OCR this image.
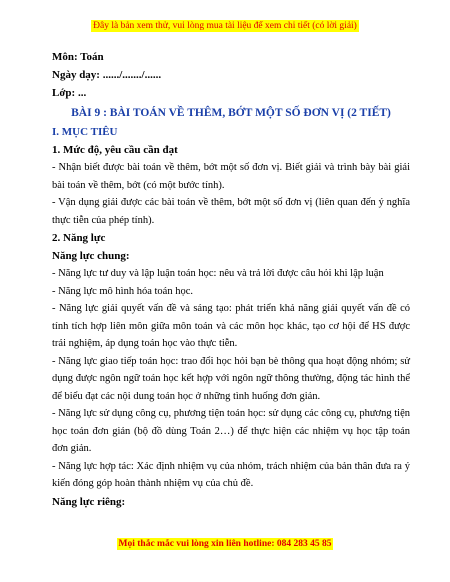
Đây là bản xem thử, vui lòng mua tài liệu để xem chi tiết (có lời giải)
Môn: Toán
Ngày dạy: ....../......./......
Lớp: ...
BÀI 9 : BÀI TOÁN VỀ THÊM, BỚT MỘT SỐ ĐƠN VỊ (2 TIẾT)
I. MỤC TIÊU
1. Mức độ, yêu cầu cần đạt
- Nhận biết được bài toán về thêm, bớt một số đơn vị. Biết giải và trình bày bài giải bài toán về thêm, bớt (có một bước tính).
- Vận dụng giải được các bài toán về thêm, bớt một số đơn vị (liên quan đến ý nghĩa thực tiễn của phép tính).
2. Năng lực
Năng lực chung:
- Năng lực tư duy và lập luận toán học: nêu và trả lời được câu hỏi khi lập luận
- Năng lực mô hình hóa toán học.
- Năng lực giải quyết vấn đề và sáng tạo: phát triển khả năng giải quyết vấn đề có tính tích hợp liên môn giữa môn toán và các môn học khác, tạo cơ hội để HS được trải nghiệm, áp dụng toán học vào thực tiễn.
- Năng lực giao tiếp toán học: trao đổi học hỏi bạn bè thông qua hoạt động nhóm; sử dụng được ngôn ngữ toán học kết hợp với ngôn ngữ thông thường, động tác hình thể để biểu đạt các nội dung toán học ở những tình huống đơn giản.
- Năng lực sử dụng công cụ, phương tiện toán học: sử dụng các công cụ, phương tiện học toán đơn giản (bộ đồ dùng Toán 2…) để thực hiện các nhiệm vụ học tập toán đơn giản.
- Năng lực hợp tác: Xác định nhiệm vụ của nhóm, trách nhiệm của bản thân đưa ra ý kiến đóng góp hoàn thành nhiệm vụ của chủ đề.
Năng lực riêng:
Mọi thắc mắc vui lòng xin liên hotline: 084 283 45 85
